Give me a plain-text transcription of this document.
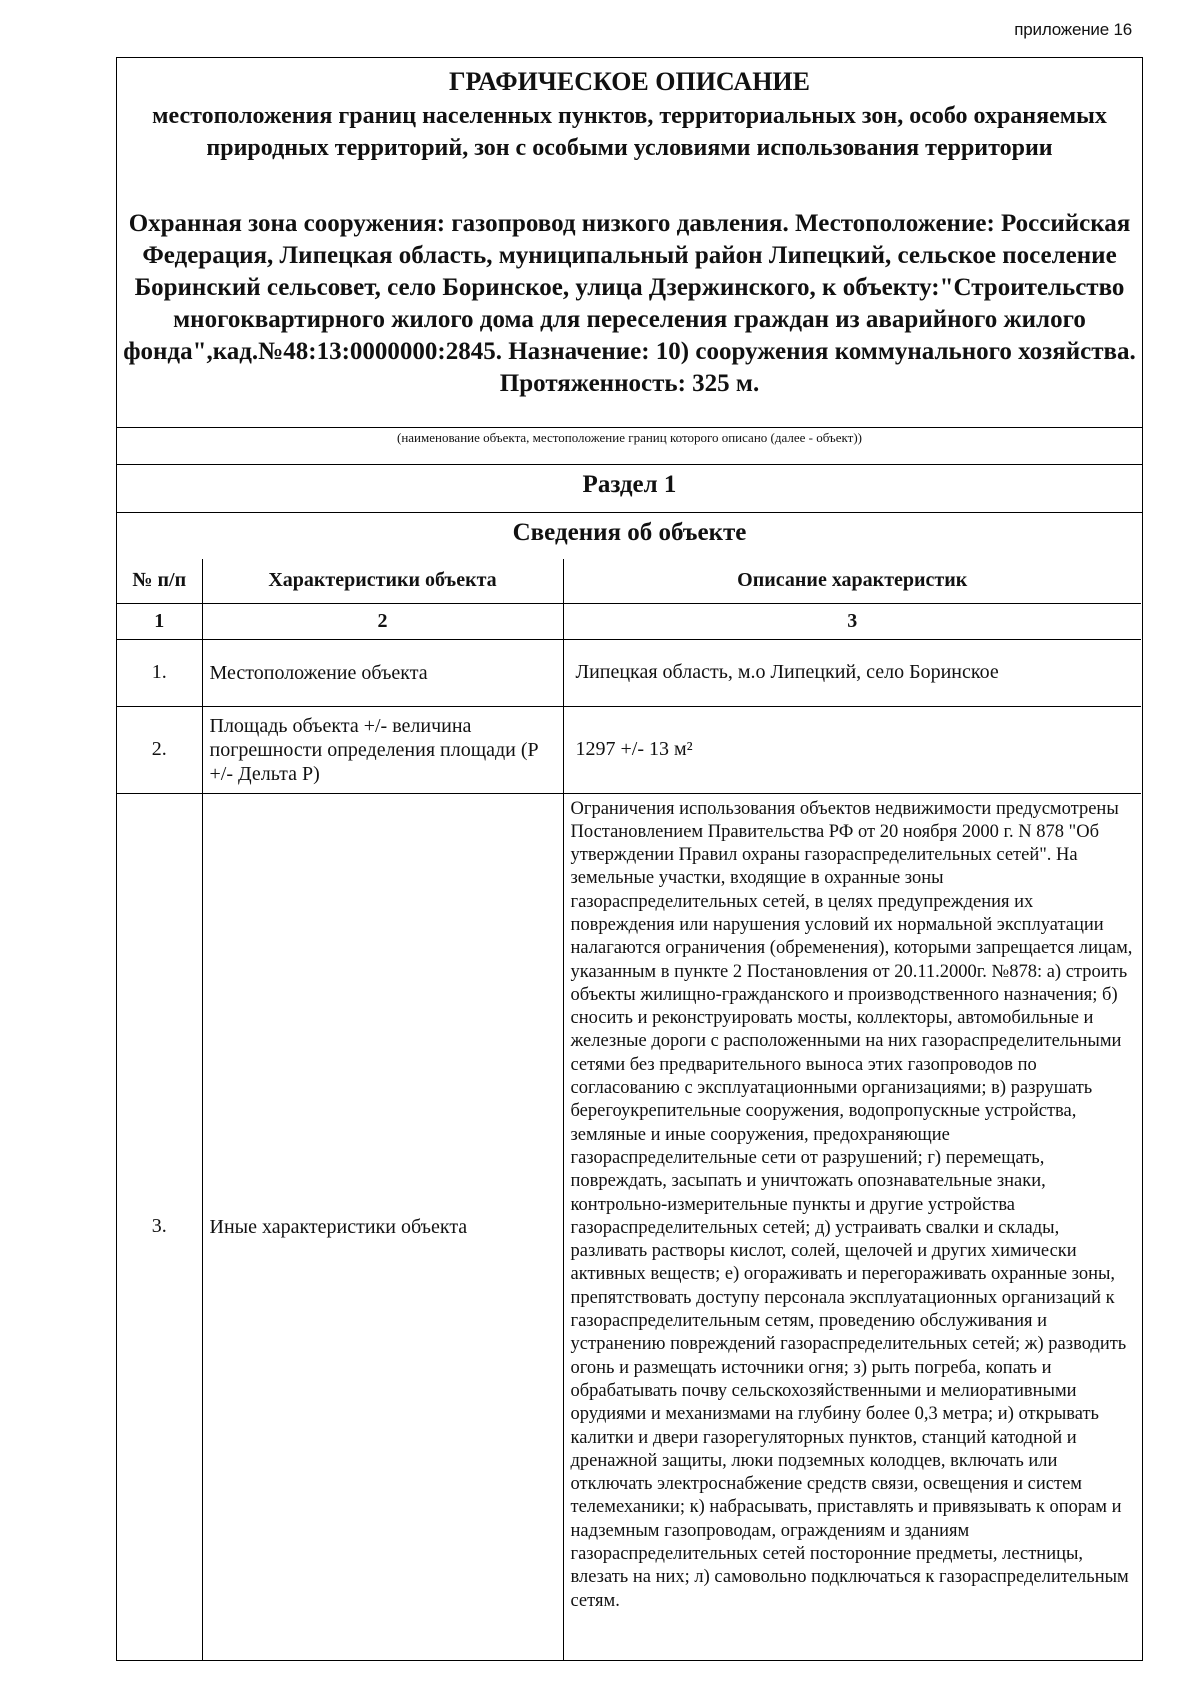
приложение 16
ГРАФИЧЕСКОЕ ОПИСАНИЕ
местоположения границ населенных пунктов, территориальных зон, особо охраняемых природных территорий, зон с особыми условиями использования территории
Охранная зона сооружения: газопровод низкого давления. Местоположение: Российская Федерация, Липецкая область, муниципальный район Липецкий, сельское поселение
Боринский сельсовет, село Боринское, улица Дзержинского, к объекту:"Строительство многоквартирного жилого дома для переселения граждан из аварийного жилого фонда",кад.№48:13:0000000:2845. Назначение: 10) сооружения коммунального хозяйства. Протяженность: 325 м.
(наименование объекта, местоположение границ которого описано (далее - объект))
Раздел 1
Сведения об объекте
№ п/п	Характеристики объекта	Описание характеристик
1	2	3
1.	Местоположение объекта	Липецкая область, м.о Липецкий, село Боринское
2.	Площадь объекта +/- величина погрешности определения площади (Р +/- Дельта Р)	1297 +/- 13 м²
3.	Иные характеристики объекта	Ограничения использования объектов недвижимости предусмотрены Постановлением Правительства РФ от 20 ноября 2000 г. N 878 "Об утверждении Правил охраны газораспределительных сетей". На земельные участки, входящие в охранные зоны газораспределительных сетей, в целях предупреждения их повреждения или нарушения условий их нормальной эксплуатации налагаются ограничения (обременения), которыми запрещается лицам, указанным в пункте 2 Постановления от 20.11.2000г. №878: а) строить объекты жилищно-гражданского и производственного назначения; б) сносить и реконструировать мосты, коллекторы, автомобильные и железные дороги с расположенными на них газораспределительными сетями без предварительного выноса этих газопроводов по согласованию с эксплуатационными организациями; в) разрушать берегоукрепительные сооружения, водопропускные устройства, земляные и иные сооружения, предохраняющие газораспределительные сети от разрушений; г) перемещать, повреждать, засыпать и уничтожать опознавательные знаки, контрольно-измерительные пункты и другие устройства газораспределительных сетей; д) устраивать свалки и склады, разливать растворы кислот, солей, щелочей и других химически активных веществ; е) огораживать и перегораживать охранные зоны, препятствовать доступу персонала эксплуатационных организаций к газораспределительным сетям, проведению обслуживания и устранению повреждений газораспределительных сетей; ж) разводить огонь и размещать источники огня; з) рыть погреба, копать и обрабатывать почву сельскохозяйственными и мелиоративными орудиями и механизмами на глубину более 0,3 метра; и) открывать калитки и двери газорегуляторных пунктов, станций катодной и дренажной защиты, люки подземных колодцев, включать или отключать электроснабжение средств связи, освещения и систем телемеханики; к) набрасывать, приставлять и привязывать к опорам и надземным газопроводам, ограждениям и зданиям газораспределительных сетей посторонние предметы, лестницы, влезать на них; л) самовольно подключаться к газораспределительным сетям.
